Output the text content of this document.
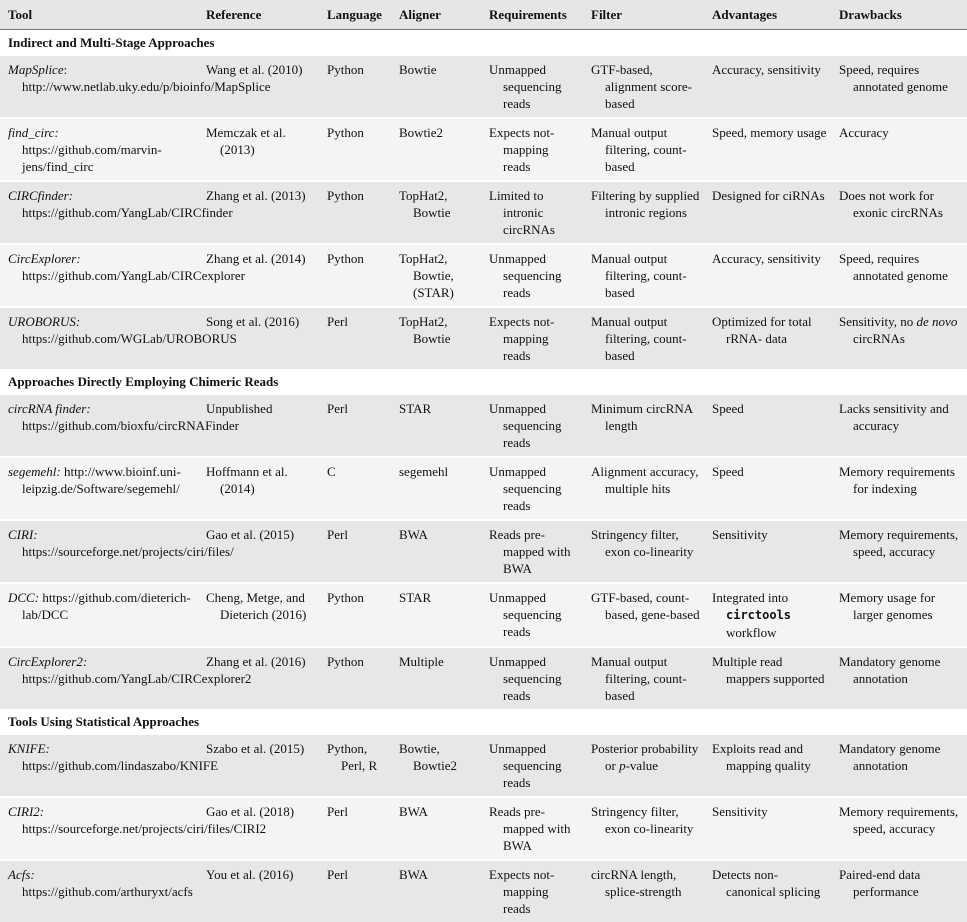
Tool	Reference	Language	Aligner	Requirements	Filter	Advantages	Drawbacks
Indirect and Multi-Stage Approaches							

MapSplice: http://www.netlab.uky.edu/p/bioinfo/MapSplice	Wang et al. (2010)	Python	Bowtie	Unmapped sequencing reads	GTF-based, alignment score-based	Accuracy, sensitivity	Speed, requires annotated genome

find_circ: https://github.com/marvin-jens/find_circ	Memczak et al. (2013)	Python	Bowtie2	Expects not-mapping reads	Manual output filtering, count-based	Speed, memory usage	Accuracy

CIRCfinder: https://github.com/YangLab/CIRCfinder	Zhang et al. (2013)	Python	TopHat2, Bowtie	Limited to intronic circRNAs	Filtering by supplied intronic regions	Designed for ciRNAs	Does not work for exonic circRNAs

CircExplorer: https://github.com/YangLab/CIRCexplorer	Zhang et al. (2014)	Python	TopHat2, Bowtie, (STAR)	Unmapped sequencing reads	Manual output filtering, count-based	Accuracy, sensitivity	Speed, requires annotated genome

UROBORUS: https://github.com/WGLab/UROBORUS	Song et al. (2016)	Perl	TopHat2, Bowtie	Expects not-mapping reads	Manual output filtering, count-based	Optimized for total rRNA- data	Sensitivity, no de novo circRNAs

Approaches Directly Employing Chimeric Reads							

circRNA finder: https://github.com/bioxfu/circRNAFinder	Unpublished	Perl	STAR	Unmapped sequencing reads	Minimum circRNA length	Speed	Lacks sensitivity and accuracy

segemehl: http://www.bioinf.uni-leipzig.de/Software/segemehl/	Hoffmann et al. (2014)	C	segemehl	Unmapped sequencing reads	Alignment accuracy, multiple hits	Speed	Memory requirements for indexing

CIRI: https://sourceforge.net/projects/ciri/files/	Gao et al. (2015)	Perl	BWA	Reads pre-mapped with BWA	Stringency filter, exon co-linearity	Sensitivity	Memory requirements, speed, accuracy

DCC: https://github.com/dieterich-lab/DCC	Cheng, Metge, and Dieterich (2016)	Python	STAR	Unmapped sequencing reads	GTF-based, count-based, gene-based	Integrated into circtools workflow	Memory usage for larger genomes

CircExplorer2: https://github.com/YangLab/CIRCexplorer2	Zhang et al. (2016)	Python	Multiple	Unmapped sequencing reads	Manual output filtering, count-based	Multiple read mappers supported	Mandatory genome annotation

Tools Using Statistical Approaches							

KNIFE: https://github.com/lindaszabo/KNIFE	Szabo et al. (2015)	Python, Perl, R	Bowtie, Bowtie2	Unmapped sequencing reads	Posterior probability or p-value	Exploits read and mapping quality	Mandatory genome annotation

CIRI2: https://sourceforge.net/projects/ciri/files/CIRI2	Gao et al. (2018)	Perl	BWA	Reads pre-mapped with BWA	Stringency filter, exon co-linearity	Sensitivity	Memory requirements, speed, accuracy

Acfs: https://github.com/arthuryxt/acfs	You et al. (2016)	Perl	BWA	Expects not-mapping reads	circRNA length, splice-strength	Detects non-canonical splicing	Paired-end data performance
